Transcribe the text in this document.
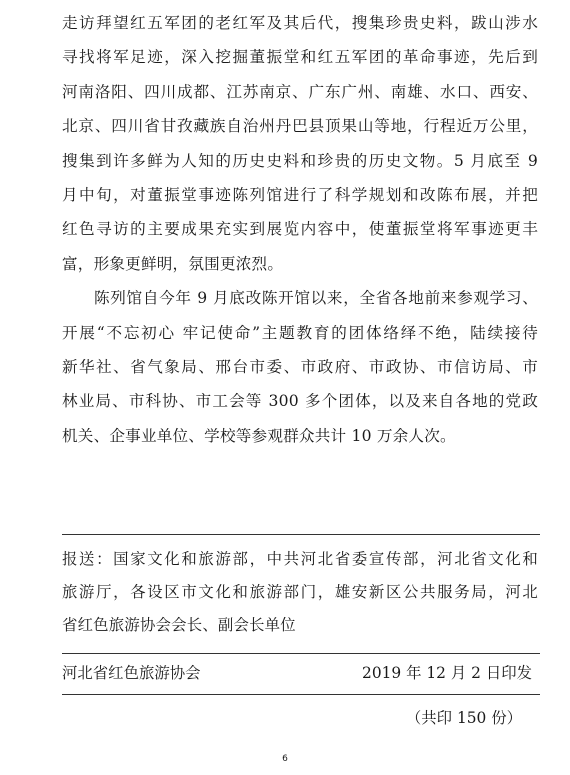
走访拜望红五军团的老红军及其后代，搜集珍贵史料，跋山涉水
寻找将军足迹，深入挖掘董振堂和红五军团的革命事迹，先后到
河南洛阳、四川成都、江苏南京、广东广州、南雄、水口、西安、
北京、四川省甘孜藏族自治州丹巴县顶果山等地，行程近万公里，
搜集到许多鲜为人知的历史史料和珍贵的历史文物。5 月底至 9
月中旬，对董振堂事迹陈列馆进行了科学规划和改陈布展，并把
红色寻访的主要成果充实到展览内容中，使董振堂将军事迹更丰
富，形象更鲜明，氛围更浓烈。
陈列馆自今年 9 月底改陈开馆以来，全省各地前来参观学习、
开展“不忘初心 牢记使命”主题教育的团体络绎不绝，陆续接待
新华社、省气象局、邢台市委、市政府、市政协、市信访局、市
林业局、市科协、市工会等 300 多个团体，以及来自各地的党政
机关、企事业单位、学校等参观群众共计 10 万余人次。
报送：国家文化和旅游部，中共河北省委宣传部，河北省文化和
旅游厅，各设区市文化和旅游部门，雄安新区公共服务局，河北
省红色旅游协会会长、副会长单位
河北省红色旅游协会	2019 年 12 月 2 日印发
（共印 150 份）
6
